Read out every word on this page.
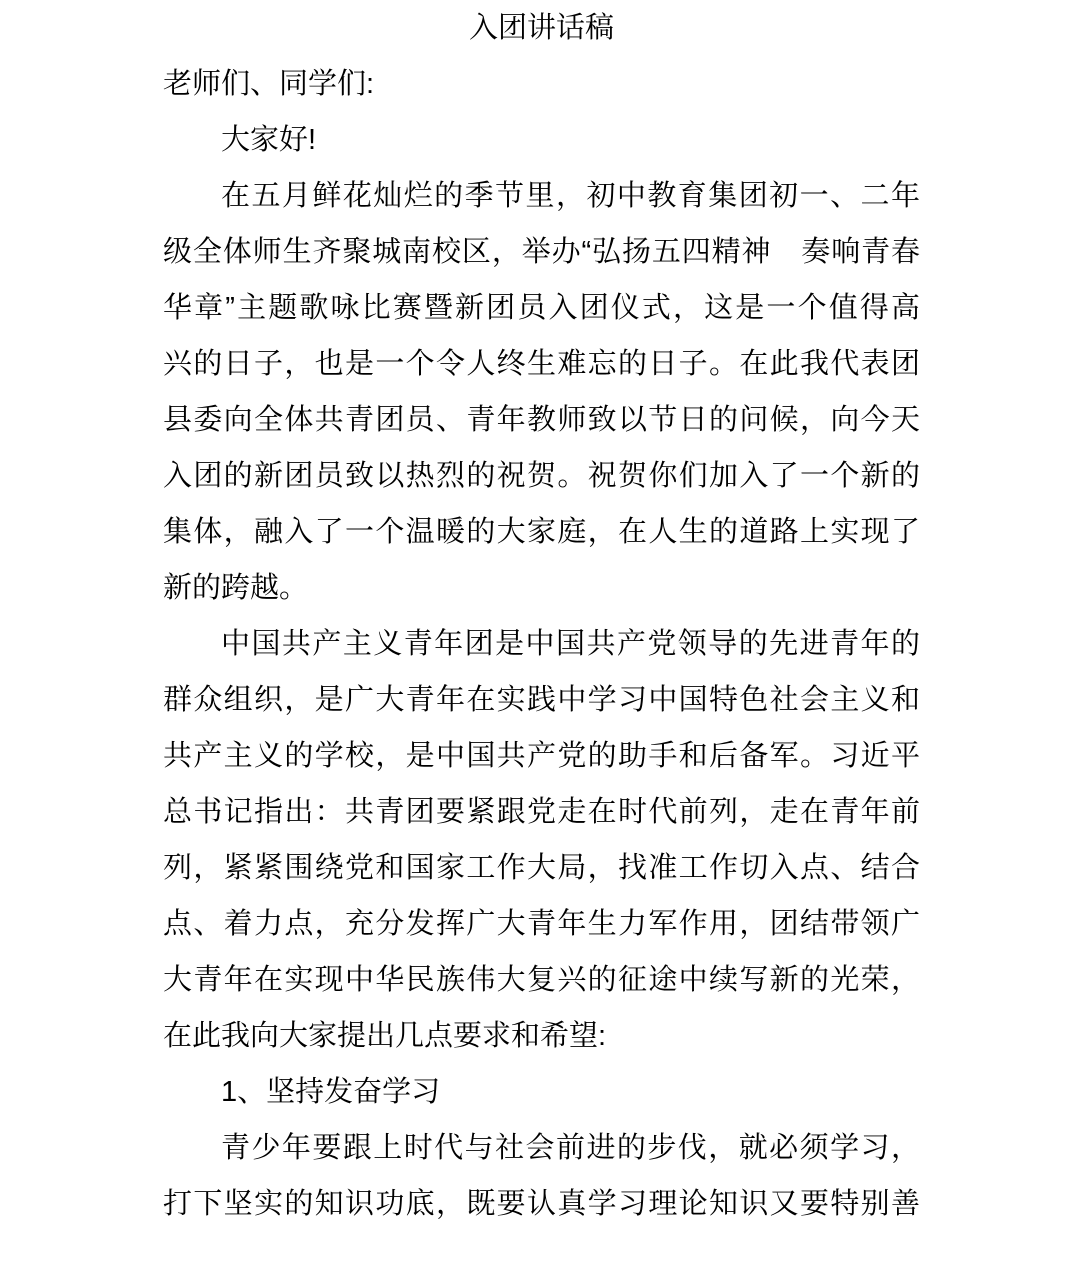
入团讲话稿
老师们、同学们:
大家好!
在五月鲜花灿烂的季节里，初中教育集团初一、二年
级全体师生齐聚城南校区，举办“弘扬五四精神　奏响青春
华章”主题歌咏比赛暨新团员入团仪式，这是一个值得高
兴的日子，也是一个令人终生难忘的日子。在此我代表团
县委向全体共青团员、青年教师致以节日的问候，向今天
入团的新团员致以热烈的祝贺。祝贺你们加入了一个新的
集体，融入了一个温暖的大家庭，在人生的道路上实现了
新的跨越。
中国共产主义青年团是中国共产党领导的先进青年的
群众组织，是广大青年在实践中学习中国特色社会主义和
共产主义的学校，是中国共产党的助手和后备军。习近平
总书记指出：共青团要紧跟党走在时代前列，走在青年前
列，紧紧围绕党和国家工作大局，找准工作切入点、结合
点、着力点，充分发挥广大青年生力军作用，团结带领广
大青年在实现中华民族伟大复兴的征途中续写新的光荣，
在此我向大家提出几点要求和希望:
1、坚持发奋学习
青少年要跟上时代与社会前进的步伐，就必须学习，
打下坚实的知识功底，既要认真学习理论知识又要特别善
